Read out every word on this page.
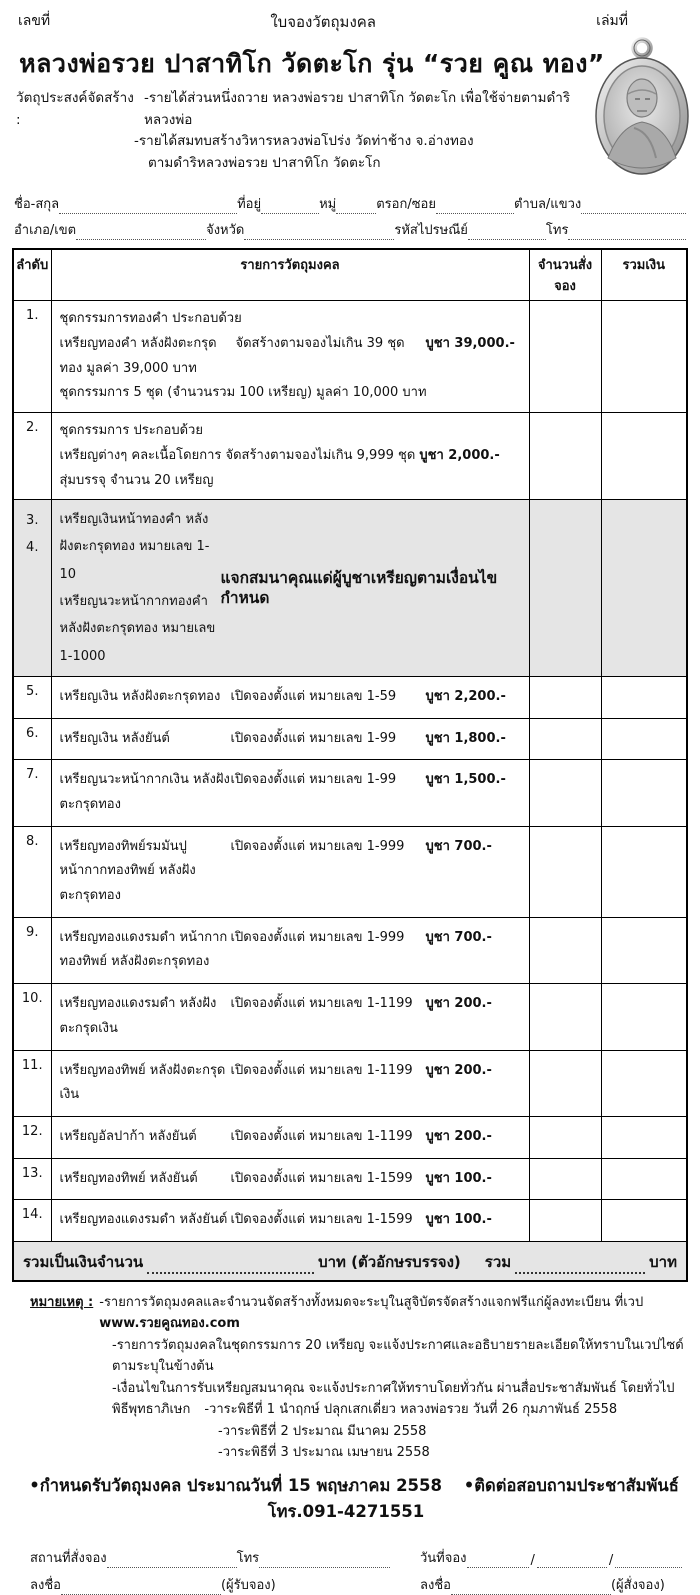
เลขที่	ใบจองวัตถุมงคล	เล่มที่
หลวงพ่อรวย ปาสาทิโก วัดตะโก รุ่น “รวย คูณ ทอง”
วัตถุประสงค์จัดสร้าง :
-รายได้ส่วนหนึ่งถวาย หลวงพ่อรวย ปาสาทิโก วัดตะโก เพื่อใช้จ่ายตามดำริหลวงพ่อ
-รายได้สมทบสร้างวิหารหลวงพ่อโปร่ง วัดท่าช้าง จ.อ่างทอง
ตามดำริหลวงพ่อรวย ปาสาทิโก วัดตะโก
ชื่อ-สกุล	ที่อยู่	หมู่	ตรอก/ซอย	ตำบล/แขวง
อำเภอ/เขต	จังหวัด	รหัสไปรษณีย์	โทร
ลำดับ	รายการวัตถุมงคล	จำนวนสั่งจอง	รวมเงิน
1.	ชุดกรรมการทองคำ ประกอบด้วย
เหรียญทองคำ หลังฝังตะกรุดทอง มูลค่า 39,000 บาท
จัดสร้างตามจองไม่เกิน 39 ชุด บูชา 39,000.-
ชุดกรรมการ 5 ชุด (จำนวนรวม 100 เหรียญ) มูลค่า 10,000 บาท		

2.	ชุดกรรมการ ประกอบด้วย
เหรียญต่างๆ คละเนื้อโดยการสุ่มบรรจุ จำนวน 20 เหรียญ
จัดสร้างตามจองไม่เกิน 9,999 ชุด บูชา 2,000.-		

3.
4.

เหรียญเงินหน้าทองคำ หลังฝังตะกรุดทอง หมายเลข 1-10
เหรียญนวะหน้ากากทองคำ หลังฝังตะกรุดทอง หมายเลข 1-1000
แจกสมนาคุณแด่ผู้บูชาเหรียญตามเงื่อนไขกำหนด

5.	เหรียญเงิน หลังฝังตะกรุดทอง เปิดจองตั้งแต่ หมายเลข 1-59 บูชา 2,200.-		

6.	เหรียญเงิน หลังยันต์ เปิดจองตั้งแต่ หมายเลข 1-99 บูชา 1,800.-		

7.	เหรียญนวะหน้ากากเงิน หลังฝังตะกรุดทอง
เปิดจองตั้งแต่ หมายเลข 1-99 บูชา 1,500.-		

8.	เหรียญทองทิพย์รมมันปู หน้ากากทองทิพย์ หลังฝังตะกรุดทอง
เปิดจองตั้งแต่ หมายเลข 1-999 บูชา 700.-		

9.	เหรียญทองแดงรมดำ หน้ากากทองทิพย์ หลังฝังตะกรุดทอง
เปิดจองตั้งแต่ หมายเลข 1-999 บูชา 700.-		

10.	เหรียญทองแดงรมดำ หลังฝังตะกรุดเงิน
เปิดจองตั้งแต่ หมายเลข 1-1199 บูชา 200.-		

11.	เหรียญทองทิพย์ หลังฝังตะกรุดเงิน
เปิดจองตั้งแต่ หมายเลข 1-1199 บูชา 200.-		

12.	เหรียญอัลปาก้า หลังยันต์ เปิดจองตั้งแต่ หมายเลข 1-1199 บูชา 200.-		

13.	เหรียญทองทิพย์ หลังยันต์ เปิดจองตั้งแต่ หมายเลข 1-1599 บูชา 100.-		

14.	เหรียญทองแดงรมดำ หลังยันต์ เปิดจองตั้งแต่ หมายเลข 1-1599 บูชา 100.-		

รวมเป็นเงินจำนวน บาท (ตัวอักษรบรรจง) รวม บาท			
หมายเหตุ : -รายการวัตถุมงคลและจำนวนจัดสร้างทั้งหมดจะระบุในสูจิบัตรจัดสร้างแจกฟรีแก่ผู้ลงทะเบียน ที่เวป www.รวยคูณทอง.com
-รายการวัตถุมงคลในชุดกรรมการ 20 เหรียญ จะแจ้งประกาศและอธิบายรายละเอียดให้ทราบในเวปไซด์ ตามระบุในข้างต้น
-เงื่อนไขในการรับเหรียญสมนาคุณ จะแจ้งประกาศให้ทราบโดยทั่วกัน ผ่านสื่อประชาสัมพันธ์ โดยทั่วไป
พิธีพุทธาภิเษก -วาระพิธีที่ 1 นำฤกษ์ ปลุกเสกเดี่ยว หลวงพ่อรวย วันที่ 26 กุมภาพันธ์ 2558
-วาระพิธีที่ 2 ประมาณ มีนาคม 2558
-วาระพิธีที่ 3 ประมาณ เมษายน 2558
•กำหนดรับวัตถุมงคล ประมาณวันที่ 15 พฤษภาคม 2558 •ติดต่อสอบถามประชาสัมพันธ์ โทร.091-4271551
สถานที่สั่งจอง	โทร
ลงชื่อ	(ผู้รับจอง)
วันที่จอง	/	/
ลงชื่อ	(ผู้สั่งจอง)
